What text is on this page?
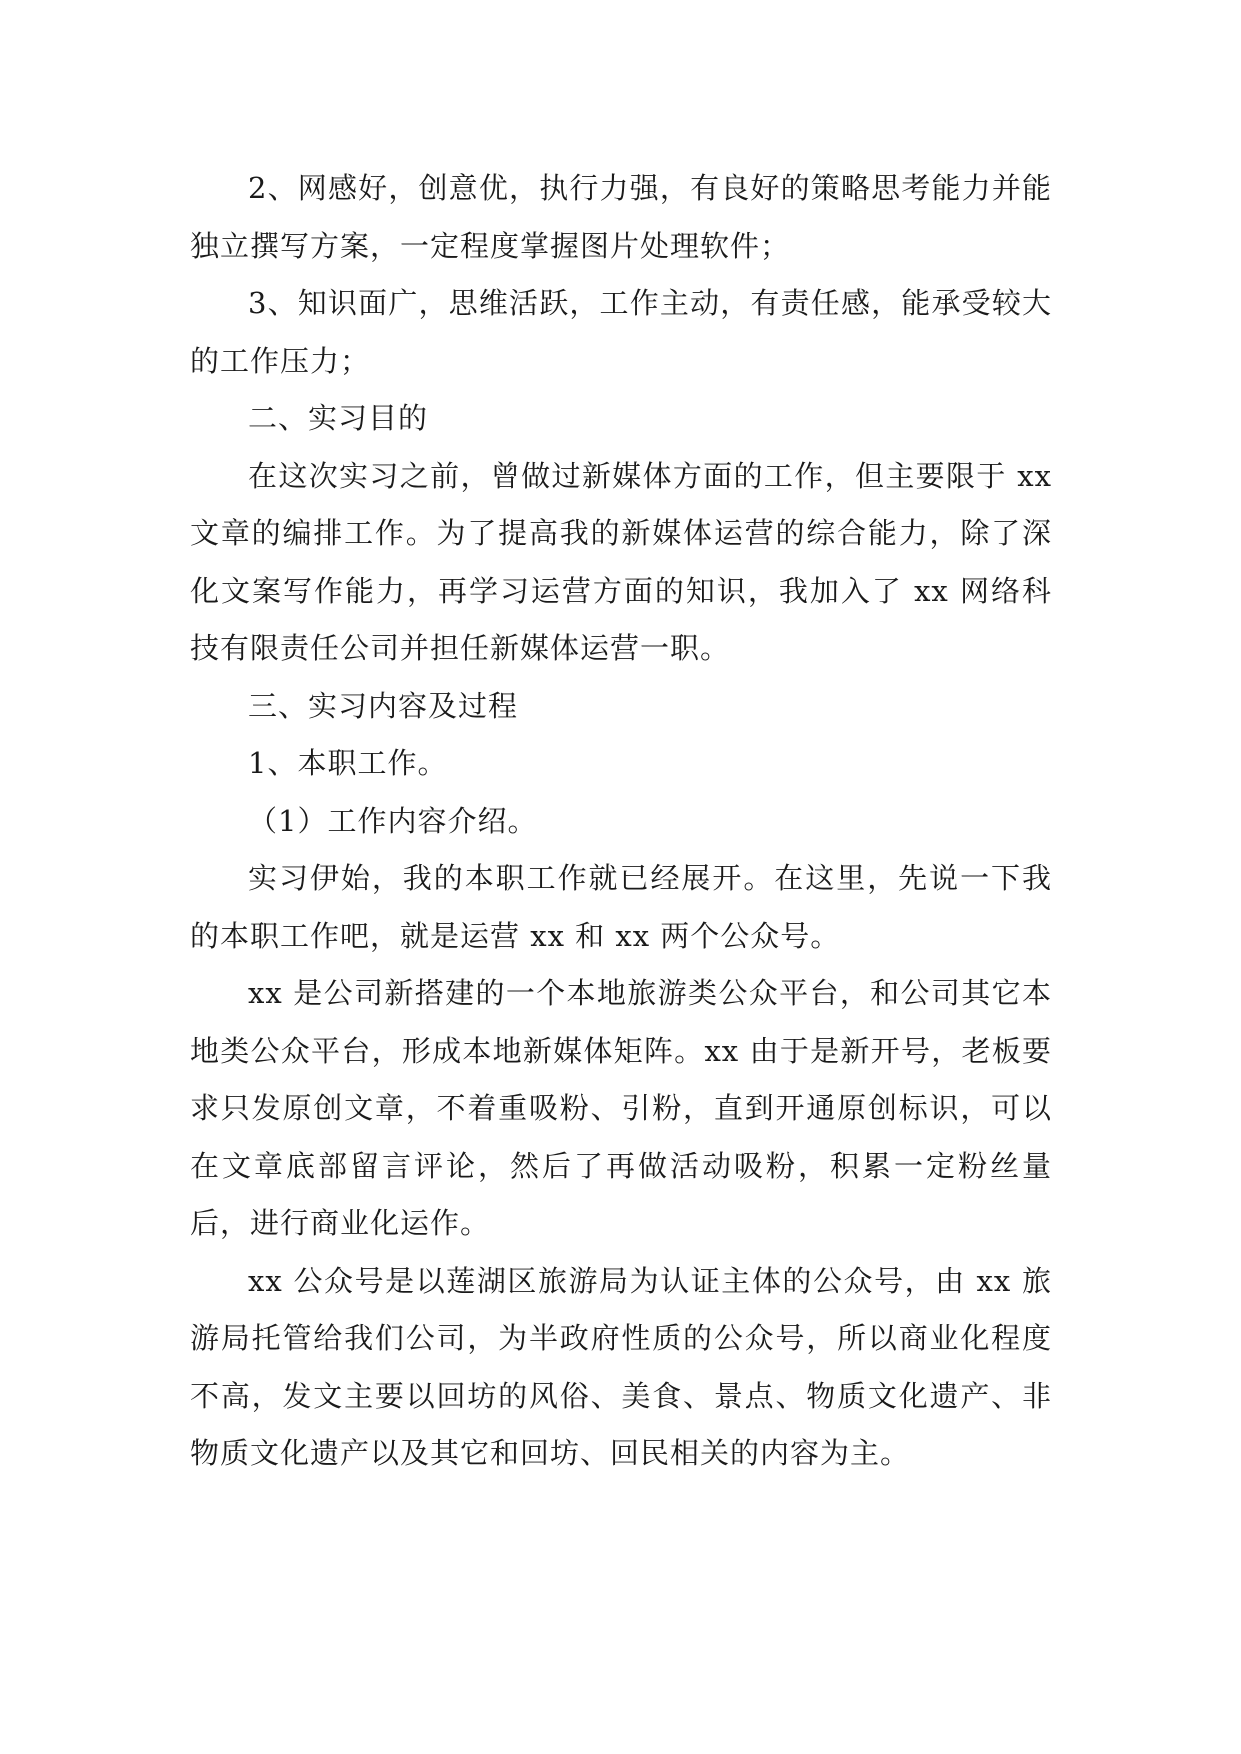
2、网感好，创意优，执行力强，有良好的策略思考能力并能独立撰写方案，一定程度掌握图片处理软件；

3、知识面广，思维活跃，工作主动，有责任感，能承受较大的工作压力；

二、实习目的

在这次实习之前，曾做过新媒体方面的工作，但主要限于 xx 文章的编排工作。为了提高我的新媒体运营的综合能力，除了深化文案写作能力，再学习运营方面的知识，我加入了 xx 网络科技有限责任公司并担任新媒体运营一职。

三、实习内容及过程

1、本职工作。

（1）工作内容介绍。

实习伊始，我的本职工作就已经展开。在这里，先说一下我的本职工作吧，就是运营 xx 和 xx 两个公众号。

xx 是公司新搭建的一个本地旅游类公众平台，和公司其它本地类公众平台，形成本地新媒体矩阵。xx 由于是新开号，老板要求只发原创文章，不着重吸粉、引粉，直到开通原创标识，可以在文章底部留言评论，然后了再做活动吸粉，积累一定粉丝量后，进行商业化运作。

xx 公众号是以莲湖区旅游局为认证主体的公众号，由 xx 旅游局托管给我们公司，为半政府性质的公众号，所以商业化程度不高，发文主要以回坊的风俗、美食、景点、物质文化遗产、非物质文化遗产以及其它和回坊、回民相关的内容为主。
